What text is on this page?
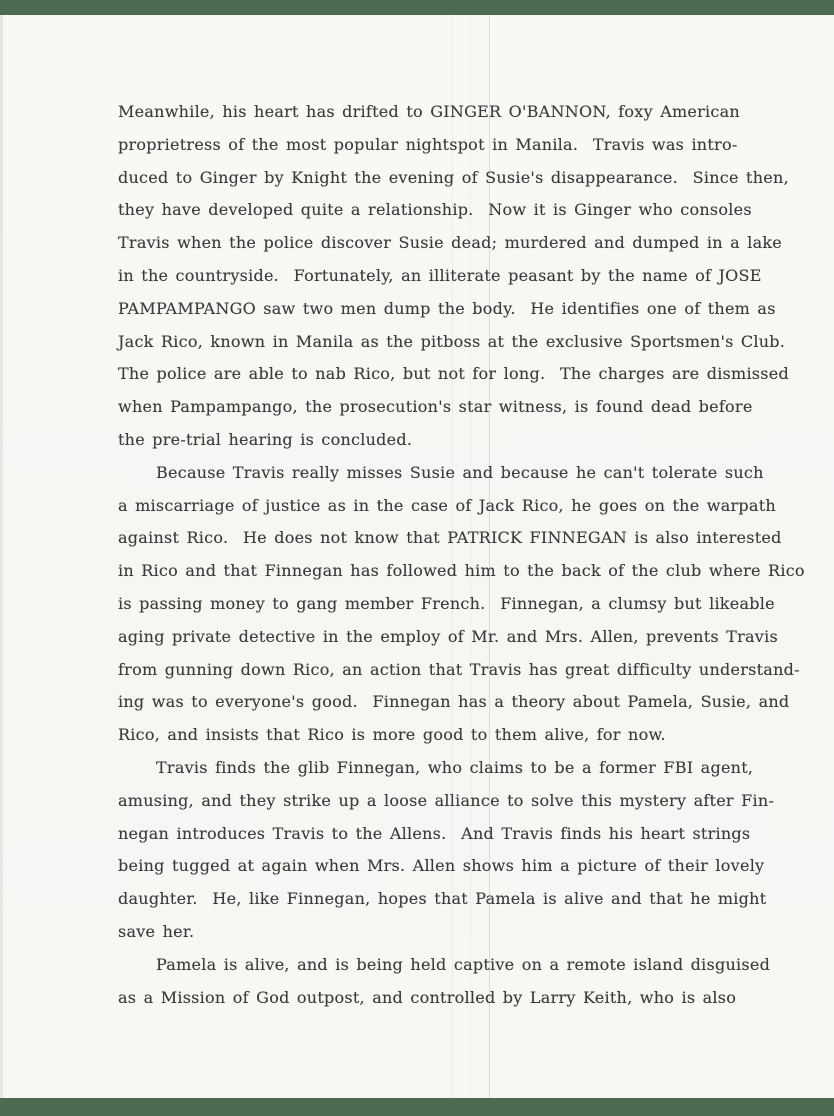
Meanwhile, his heart has drifted to GINGER O'BANNON, foxy American
proprietress of the most popular nightspot in Manila.  Travis was intro-
duced to Ginger by Knight the evening of Susie's disappearance.  Since then,
they have developed quite a relationship.  Now it is Ginger who consoles
Travis when the police discover Susie dead; murdered and dumped in a lake
in the countryside.  Fortunately, an illiterate peasant by the name of JOSE
PAMPAMPANGO saw two men dump the body.  He identifies one of them as
Jack Rico, known in Manila as the pitboss at the exclusive Sportsmen's Club.
The police are able to nab Rico, but not for long.  The charges are dismissed
when Pampampango, the prosecution's star witness, is found dead before
the pre-trial hearing is concluded.
Because Travis really misses Susie and because he can't tolerate such
a miscarriage of justice as in the case of Jack Rico, he goes on the warpath
against Rico.  He does not know that PATRICK FINNEGAN is also interested
in Rico and that Finnegan has followed him to the back of the club where Rico
is passing money to gang member French.  Finnegan, a clumsy but likeable
aging private detective in the employ of Mr. and Mrs. Allen, prevents Travis
from gunning down Rico, an action that Travis has great difficulty understand-
ing was to everyone's good.  Finnegan has a theory about Pamela, Susie, and
Rico, and insists that Rico is more good to them alive, for now.
Travis finds the glib Finnegan, who claims to be a former FBI agent,
amusing, and they strike up a loose alliance to solve this mystery after Fin-
negan introduces Travis to the Allens.  And Travis finds his heart strings
being tugged at again when Mrs. Allen shows him a picture of their lovely
daughter.  He, like Finnegan, hopes that Pamela is alive and that he might
save her.
Pamela is alive, and is being held captive on a remote island disguised
as a Mission of God outpost, and controlled by Larry Keith, who is also
